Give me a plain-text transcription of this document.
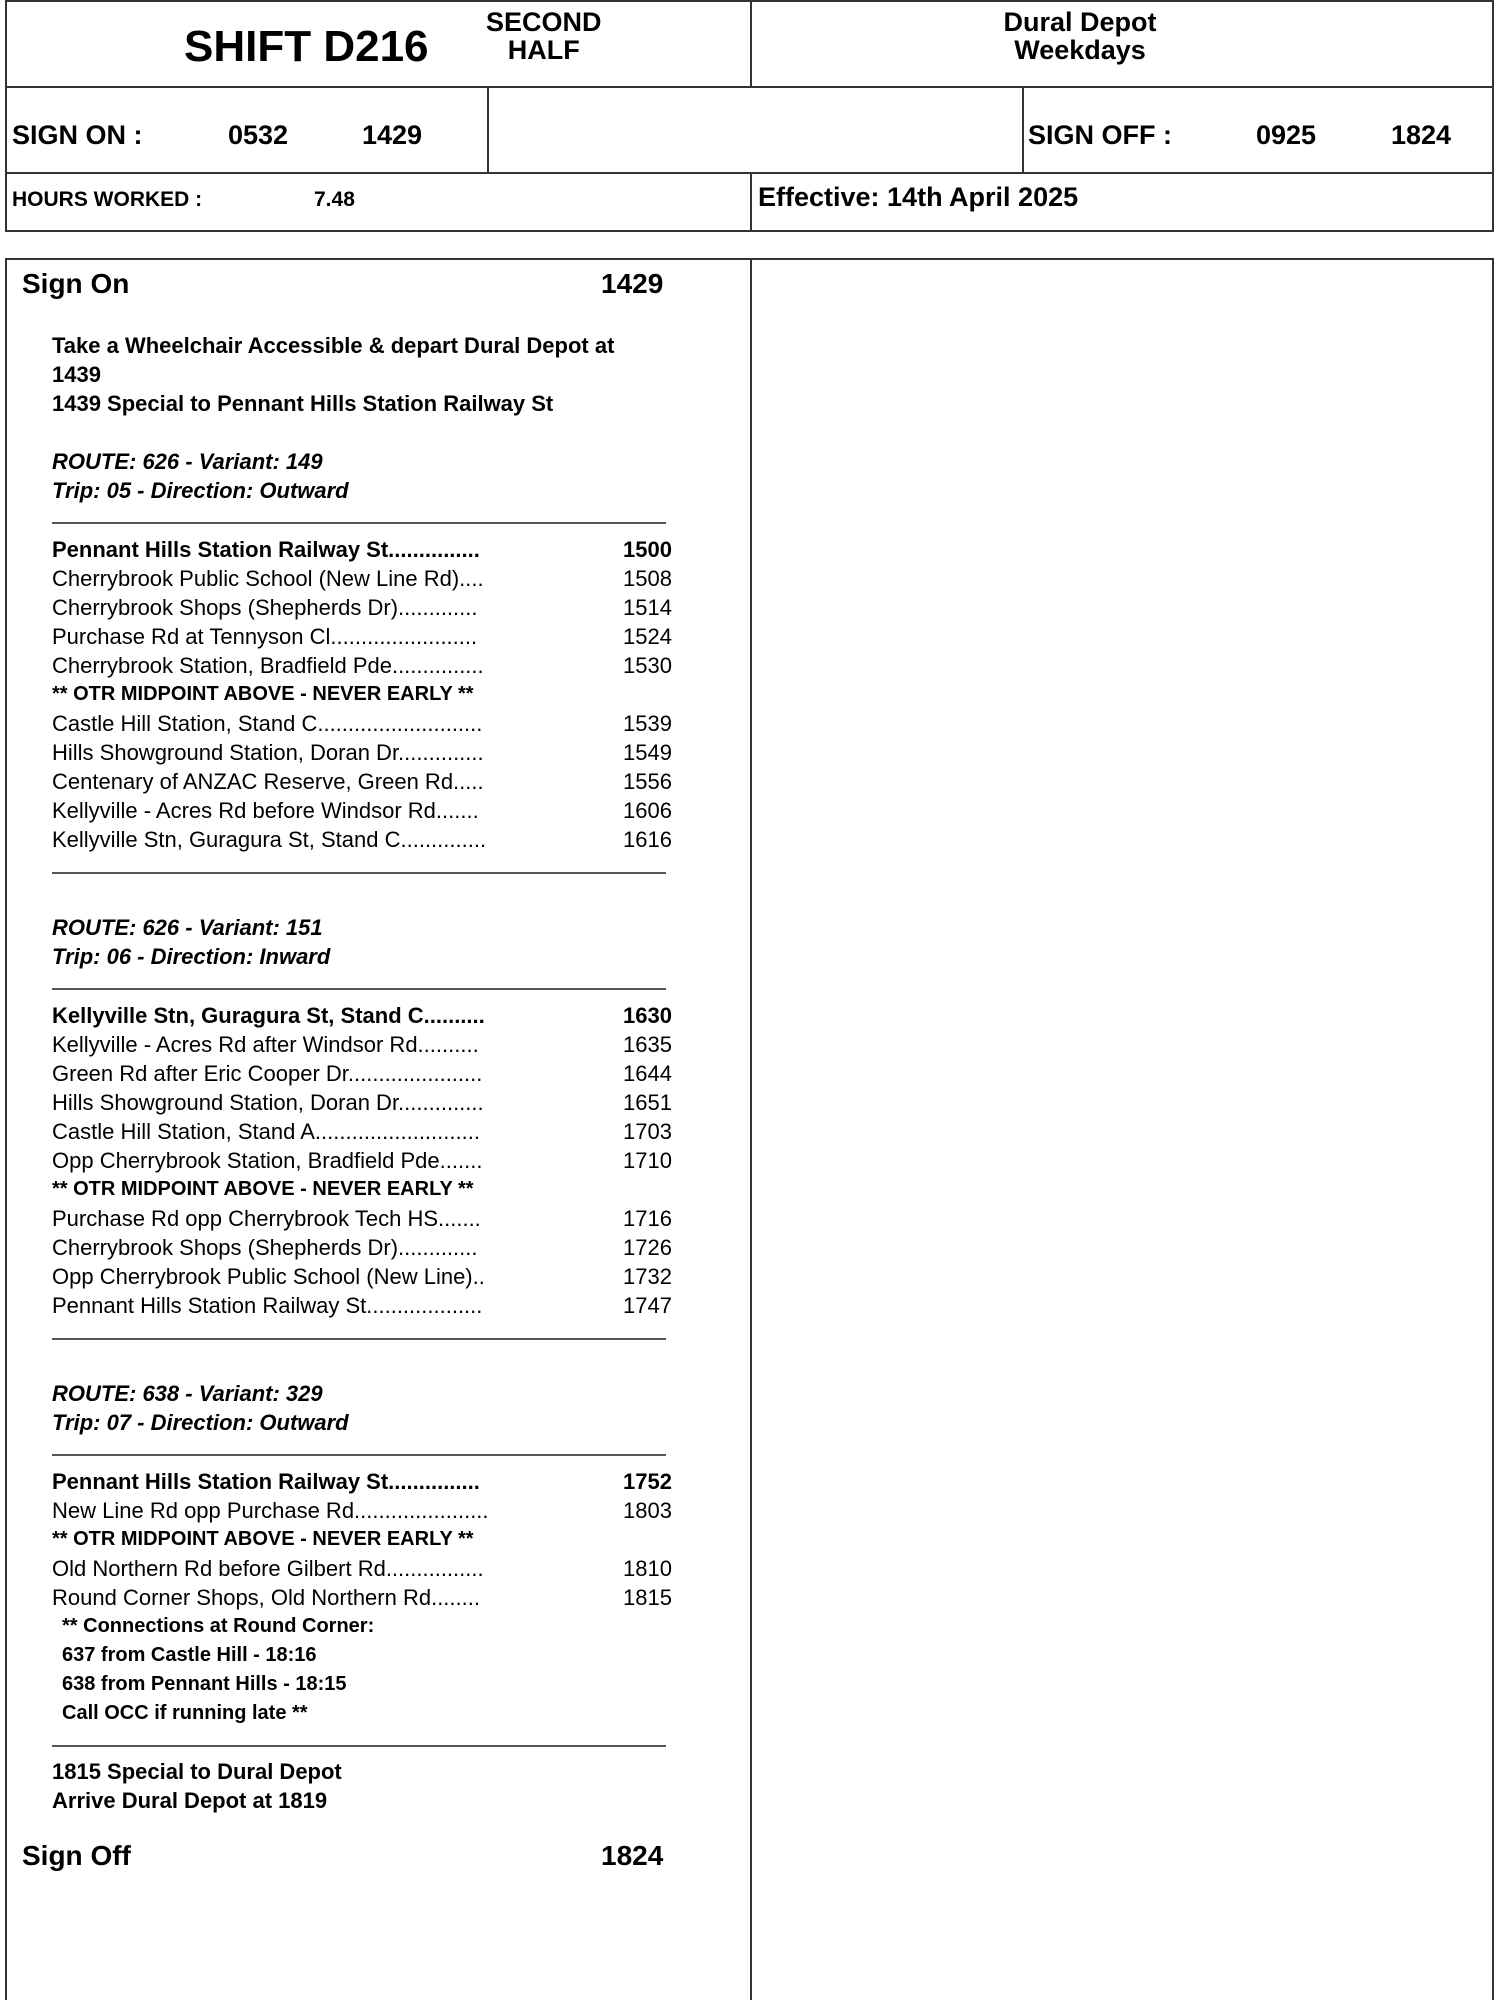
SHIFT D216 SECOND
HALF
Dural Depot
Weekdays
SIGN ON :	0532	1429	SIGN OFF :	0925	1824
HOURS WORKED :	7.48	Effective: 14th April 2025
Sign On	1429
Take a Wheelchair Accessible & depart Dural Depot at
1439
1439 Special to Pennant Hills Station Railway St
ROUTE: 626 - Variant: 149
Trip: 05 - Direction: Outward
Pennant Hills Station Railway St...............	1500
Cherrybrook Public School (New Line Rd)....	1508
Cherrybrook Shops (Shepherds Dr).............	1514
Purchase Rd at Tennyson Cl........................	1524
Cherrybrook Station, Bradfield Pde...............	1530
** OTR MIDPOINT ABOVE - NEVER EARLY **
Castle Hill Station, Stand C...........................	1539
Hills Showground Station, Doran Dr..............	1549
Centenary of ANZAC Reserve, Green Rd.....	1556
Kellyville - Acres Rd before Windsor Rd.......	1606
Kellyville Stn, Guragura St, Stand C..............	1616
ROUTE: 626 - Variant: 151
Trip: 06 - Direction: Inward
Kellyville Stn, Guragura St, Stand C..........	1630
Kellyville - Acres Rd after Windsor Rd..........	1635
Green Rd after Eric Cooper Dr......................	1644
Hills Showground Station, Doran Dr..............	1651
Castle Hill Station, Stand A...........................	1703
Opp Cherrybrook Station, Bradfield Pde.......	1710
** OTR MIDPOINT ABOVE - NEVER EARLY **
Purchase Rd opp Cherrybrook Tech HS.......	1716
Cherrybrook Shops (Shepherds Dr).............	1726
Opp Cherrybrook Public School (New Line)..	1732
Pennant Hills Station Railway St...................	1747
ROUTE: 638 - Variant: 329
Trip: 07 - Direction: Outward
Pennant Hills Station Railway St...............	1752
New Line Rd opp Purchase Rd......................	1803
** OTR MIDPOINT ABOVE - NEVER EARLY **
Old Northern Rd before Gilbert Rd................	1810
Round Corner Shops, Old Northern Rd........	1815
** Connections at Round Corner:
637 from Castle Hill - 18:16
638 from Pennant Hills - 18:15
Call OCC if running late **
1815 Special to Dural Depot
Arrive Dural Depot at 1819
Sign Off	1824
